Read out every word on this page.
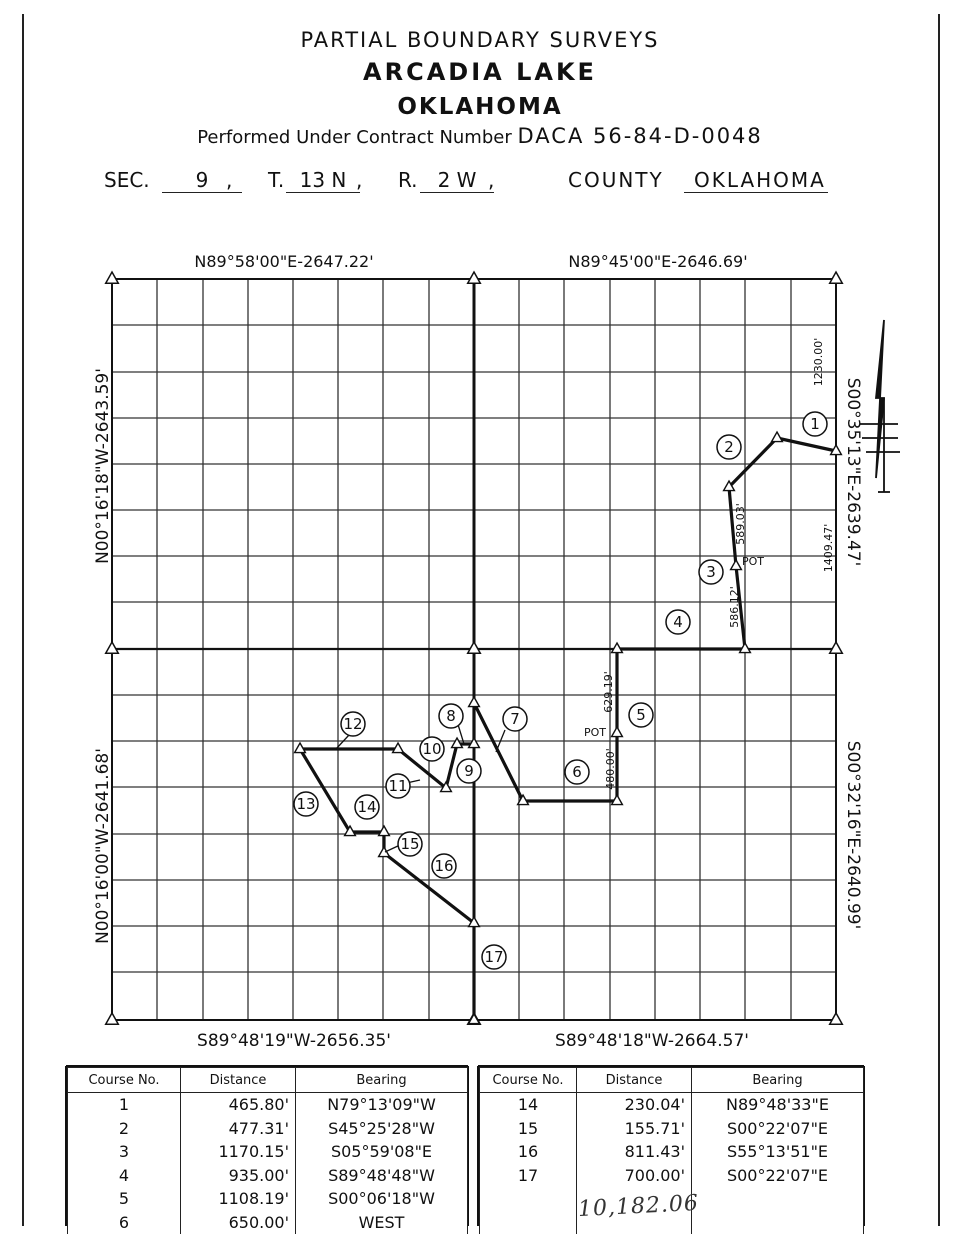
PARTIAL BOUNDARY SURVEYS
ARCADIA LAKE
OKLAHOMA
Performed Under Contract Number DACA 56-84-D-0048
SEC.	9 , T. 13 N , R.	2 W ,	COUNTY	OKLAHOMA
1
2
3
4
5
6
7
8
9
10
11
12
13	14
15
16
17
N89°58'00"E-2647.22'	N89°45'00"E-2646.69'
S89°48'19"W-2656.35'	S89°48'18"W-2664.57'
N00°16'18"W-2643.59'
N00°16'00"W-2641.68'
S00°35'13"E-2639.47'
S00°32'16"E-2640.99'
1230.00'
1409.47'
589.03'
586.12'
629.19'
480.00'
POT
POT
Course No.	Distance	Bearing
1	465.80'	N79°13'09"W
2	477.31'	S45°25'28"W
3	1170.15'	S05°59'08"E
4	935.00'	S89°48'48"W
5	1108.19'	S00°06'18"W
6	650.00'	WEST
Course No.	Distance	Bearing
14	230.04'	N89°48'33"E
15	155.71'	S00°22'07"E
16	811.43'	S55°13'51"E
17	700.00'	S00°22'07"E

10,182.06
